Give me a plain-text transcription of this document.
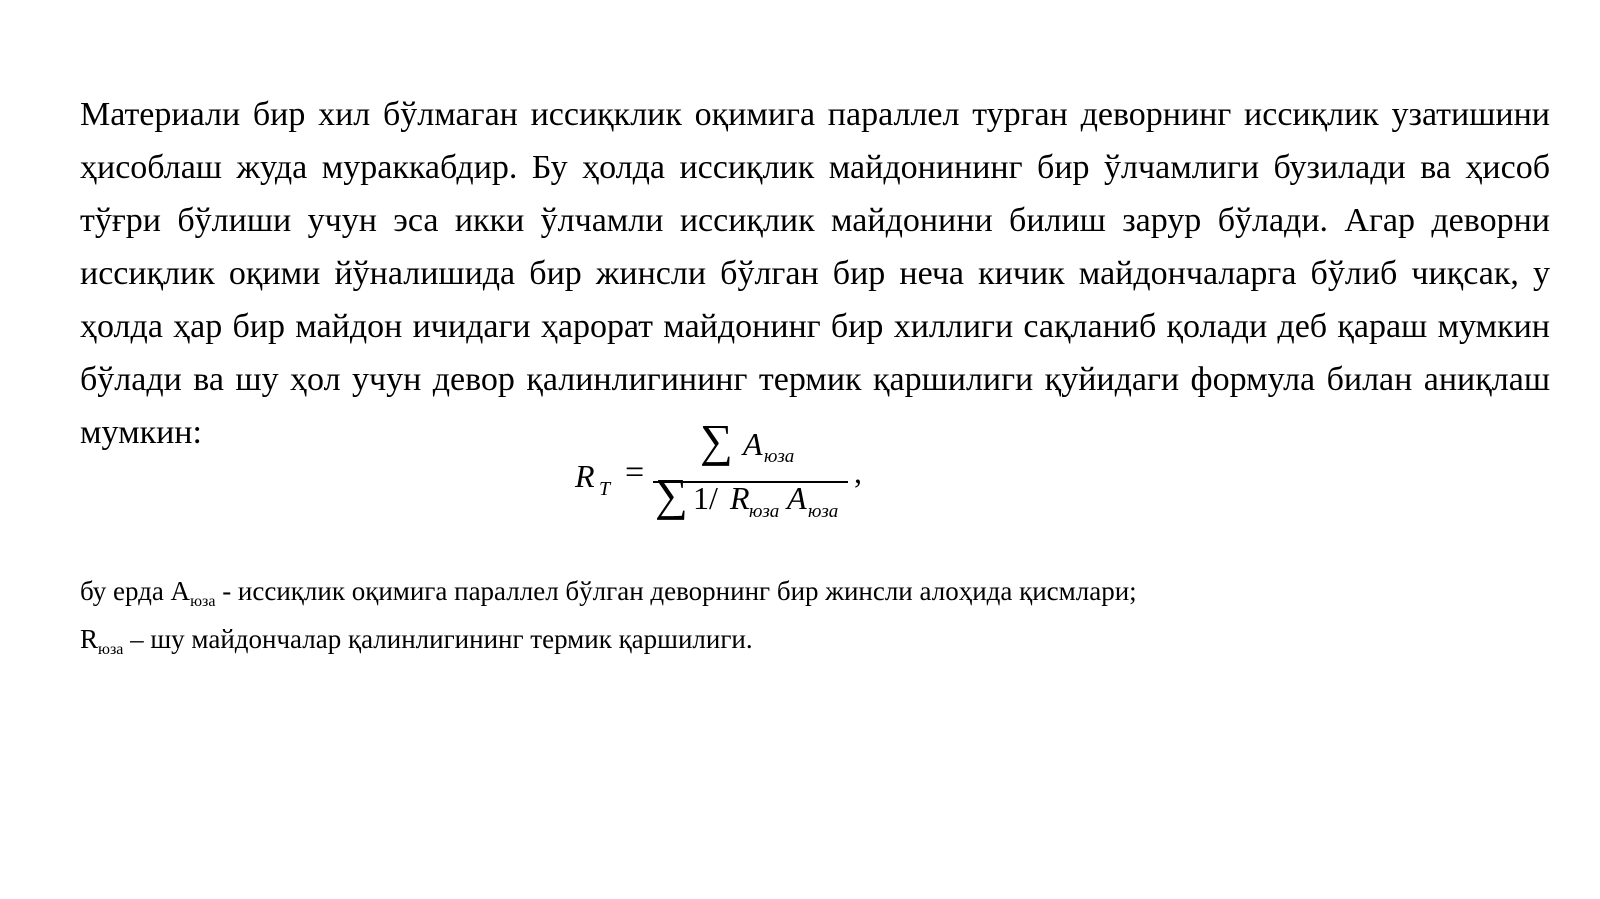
Материали бир хил бўлмаган иссиқклик оқимига параллел турган деворнинг иссиқлик узатишини ҳисоблаш жуда мураккабдир. Бу ҳолда иссиқлик майдонининг бир ўлчамлиги бузилади ва ҳисоб тўғри бўлиши учун эса икки ўлчамли иссиқлик майдонини билиш зарур бўлади. Агар деворни иссиқлик оқими йўналишида бир жинсли бўлган бир неча кичик майдончаларга бўлиб чиқсак, у ҳолда ҳар бир майдон ичидаги ҳарорат майдонинг бир хиллиги сақланиб қолади деб қараш мумкин бўлади ва шу ҳол учун девор қалинлигининг термик қаршилиги қуйидаги формула билан аниқлаш мумкин:

R T =
∑ A юза
∑ 1/ R юза A юза
,
бу ерда $А_{юза}$ - иссиқлик оқимига параллел бўлган деворнинг бир жинсли алоҳида қисмлари;
$R_{юза}$ – шу майдончалар қалинлигининг термик қаршилиги.
